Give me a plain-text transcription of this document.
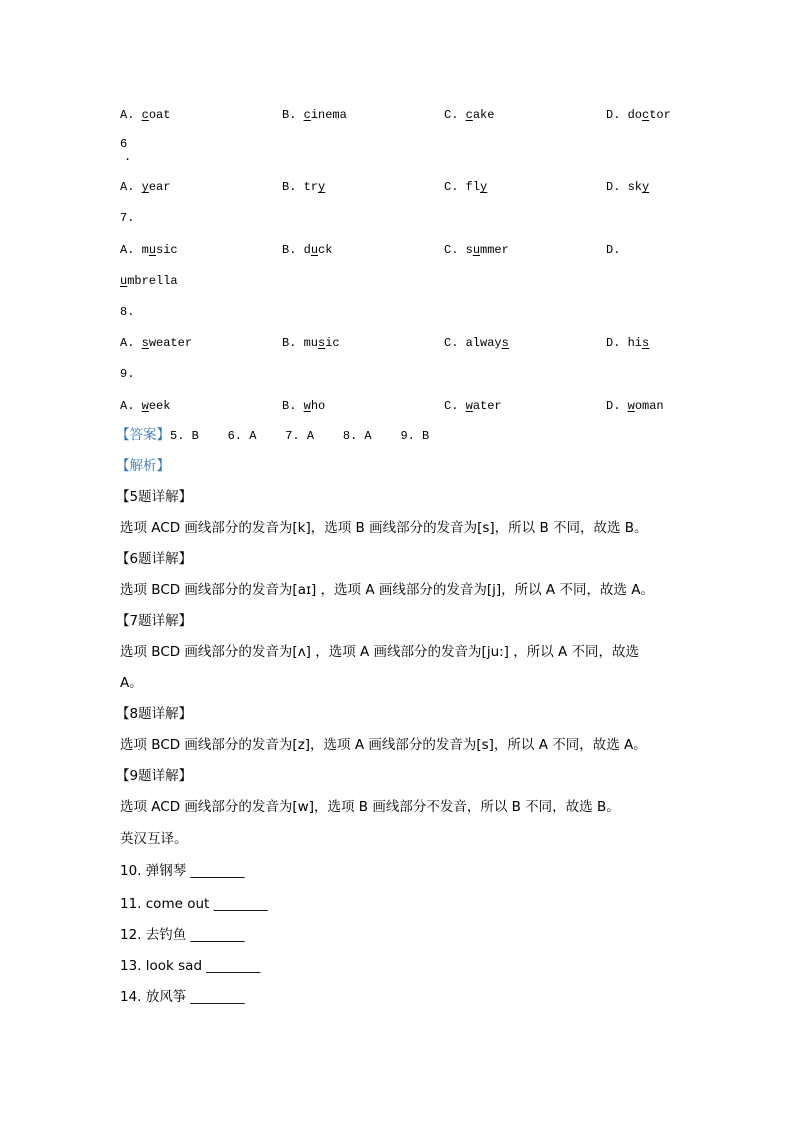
A. coat	B. cinema	C. cake	D. doctor
6
.
A. year	B. try	C. fly	D. sky
7.
A. music	B. duck	C. summer	D.
umbrella
8.
A. sweater	B. music	C. always	D. his
9.
A. week	B. who	C. water	D. woman
【答案】5. B    6. A    7. A    8. A    9. B
【解析】
【5题详解】
选项 ACD 画线部分的发音为[k]，选项 B 画线部分的发音为[s]，所以 B 不同，故选 B。
【6题详解】
选项 BCD 画线部分的发音为[aɪ] ，选项 A 画线部分的发音为[j]，所以 A 不同，故选 A。
【7题详解】
选项 BCD 画线部分的发音为[ʌ] ，选项 A 画线部分的发音为[ju:] ，所以 A 不同，故选
A。
【8题详解】
选项 BCD 画线部分的发音为[z]，选项 A 画线部分的发音为[s]，所以 A 不同，故选 A。
【9题详解】
选项 ACD 画线部分的发音为[w]，选项 B 画线部分不发音，所以 B 不同，故选 B。
英汉互译。
10. 弹钢琴 ________
11. come out ________
12. 去钓鱼 ________
13. look sad ________
14. 放风筝 ________
